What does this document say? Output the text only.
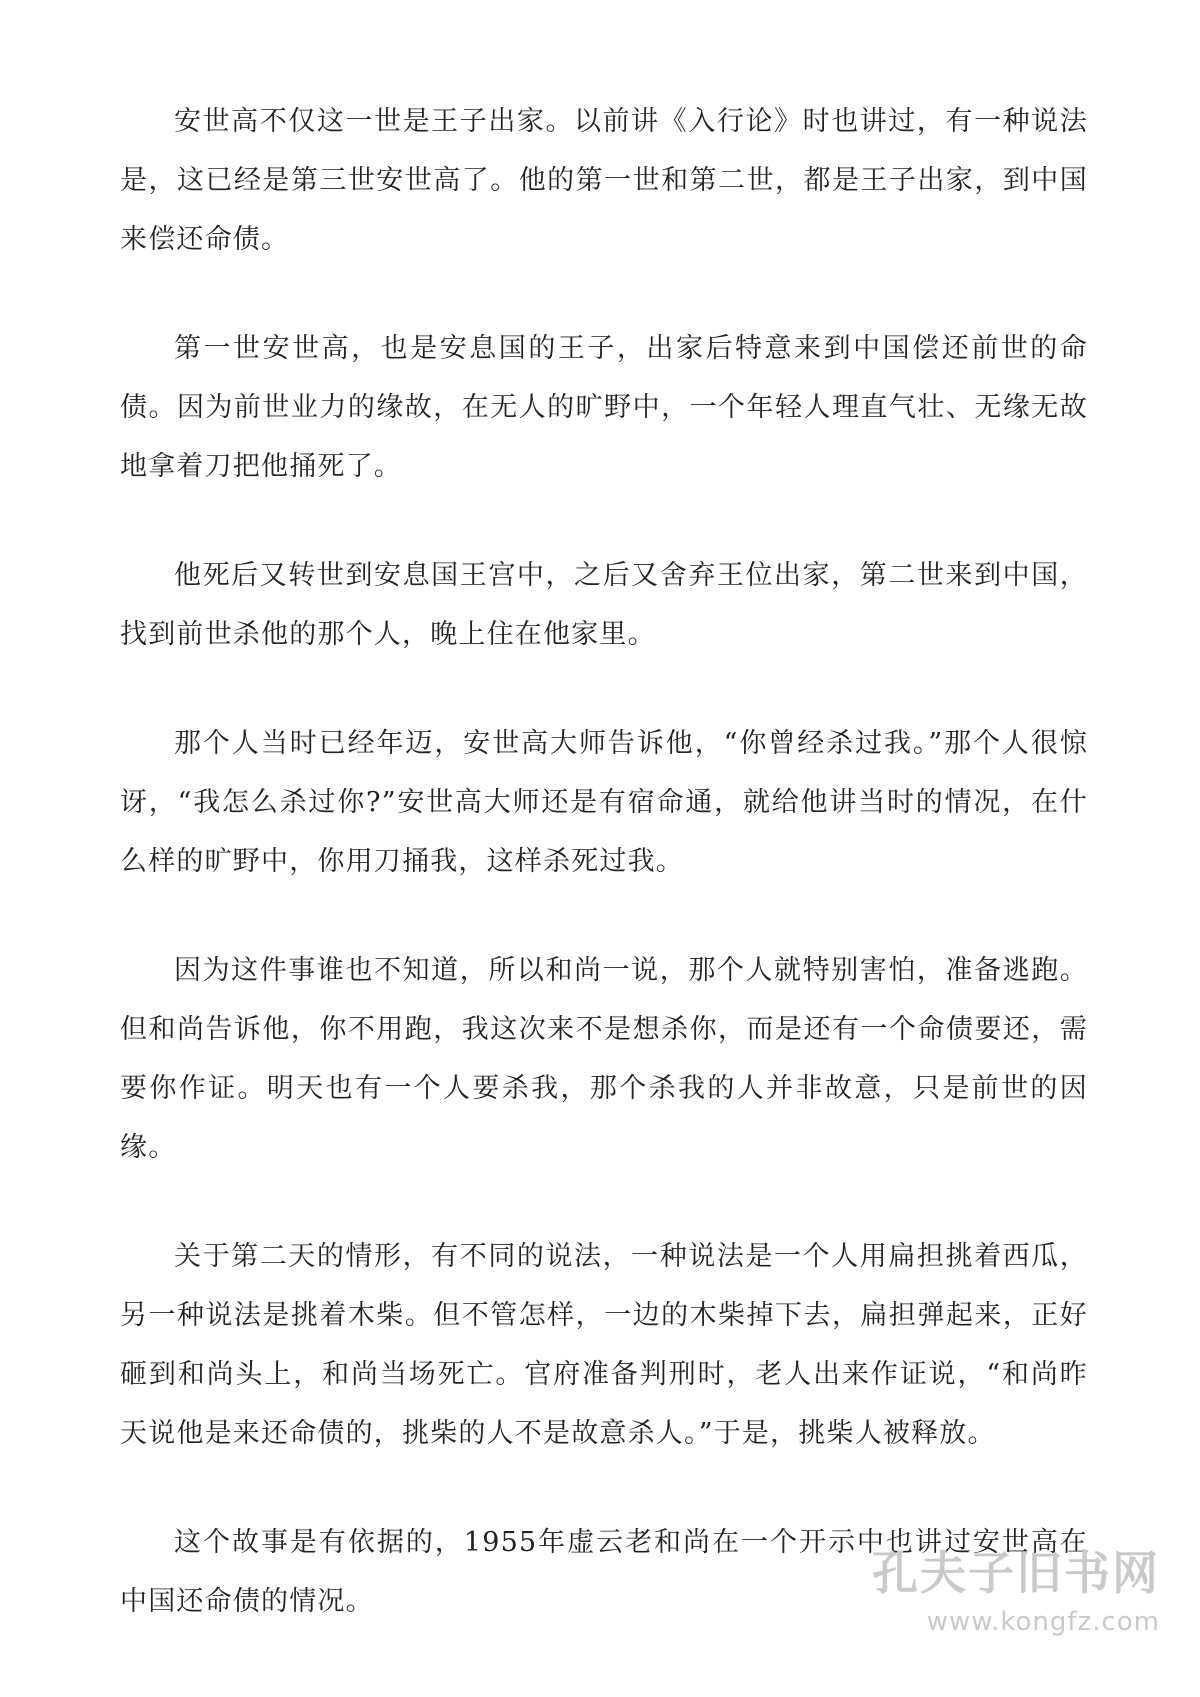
安世高不仅这一世是王子出家。以前讲《入行论》时也讲过，有一种说法是，这已经是第三世安世高了。他的第一世和第二世，都是王子出家，到中国来偿还命债。

第一世安世高，也是安息国的王子，出家后特意来到中国偿还前世的命债。因为前世业力的缘故，在无人的旷野中，一个年轻人理直气壮、无缘无故地拿着刀把他捅死了。

他死后又转世到安息国王宫中，之后又舍弃王位出家，第二世来到中国，找到前世杀他的那个人，晚上住在他家里。

那个人当时已经年迈，安世高大师告诉他，“你曾经杀过我。”那个人很惊讶，“我怎么杀过你?”安世高大师还是有宿命通，就给他讲当时的情况，在什么样的旷野中，你用刀捅我，这样杀死过我。

因为这件事谁也不知道，所以和尚一说，那个人就特别害怕，准备逃跑。但和尚告诉他，你不用跑，我这次来不是想杀你，而是还有一个命债要还，需要你作证。明天也有一个人要杀我，那个杀我的人并非故意，只是前世的因缘。

关于第二天的情形，有不同的说法，一种说法是一个人用扁担挑着西瓜，另一种说法是挑着木柴。但不管怎样，一边的木柴掉下去，扁担弹起来，正好砸到和尚头上，和尚当场死亡。官府准备判刑时，老人出来作证说，“和尚昨天说他是来还命债的，挑柴的人不是故意杀人。”于是，挑柴人被释放。

这个故事是有依据的，1955年虚云老和尚在一个开示中也讲过安世高在中国还命债的情况。

孔夫子旧书网
www.kongfz.com
